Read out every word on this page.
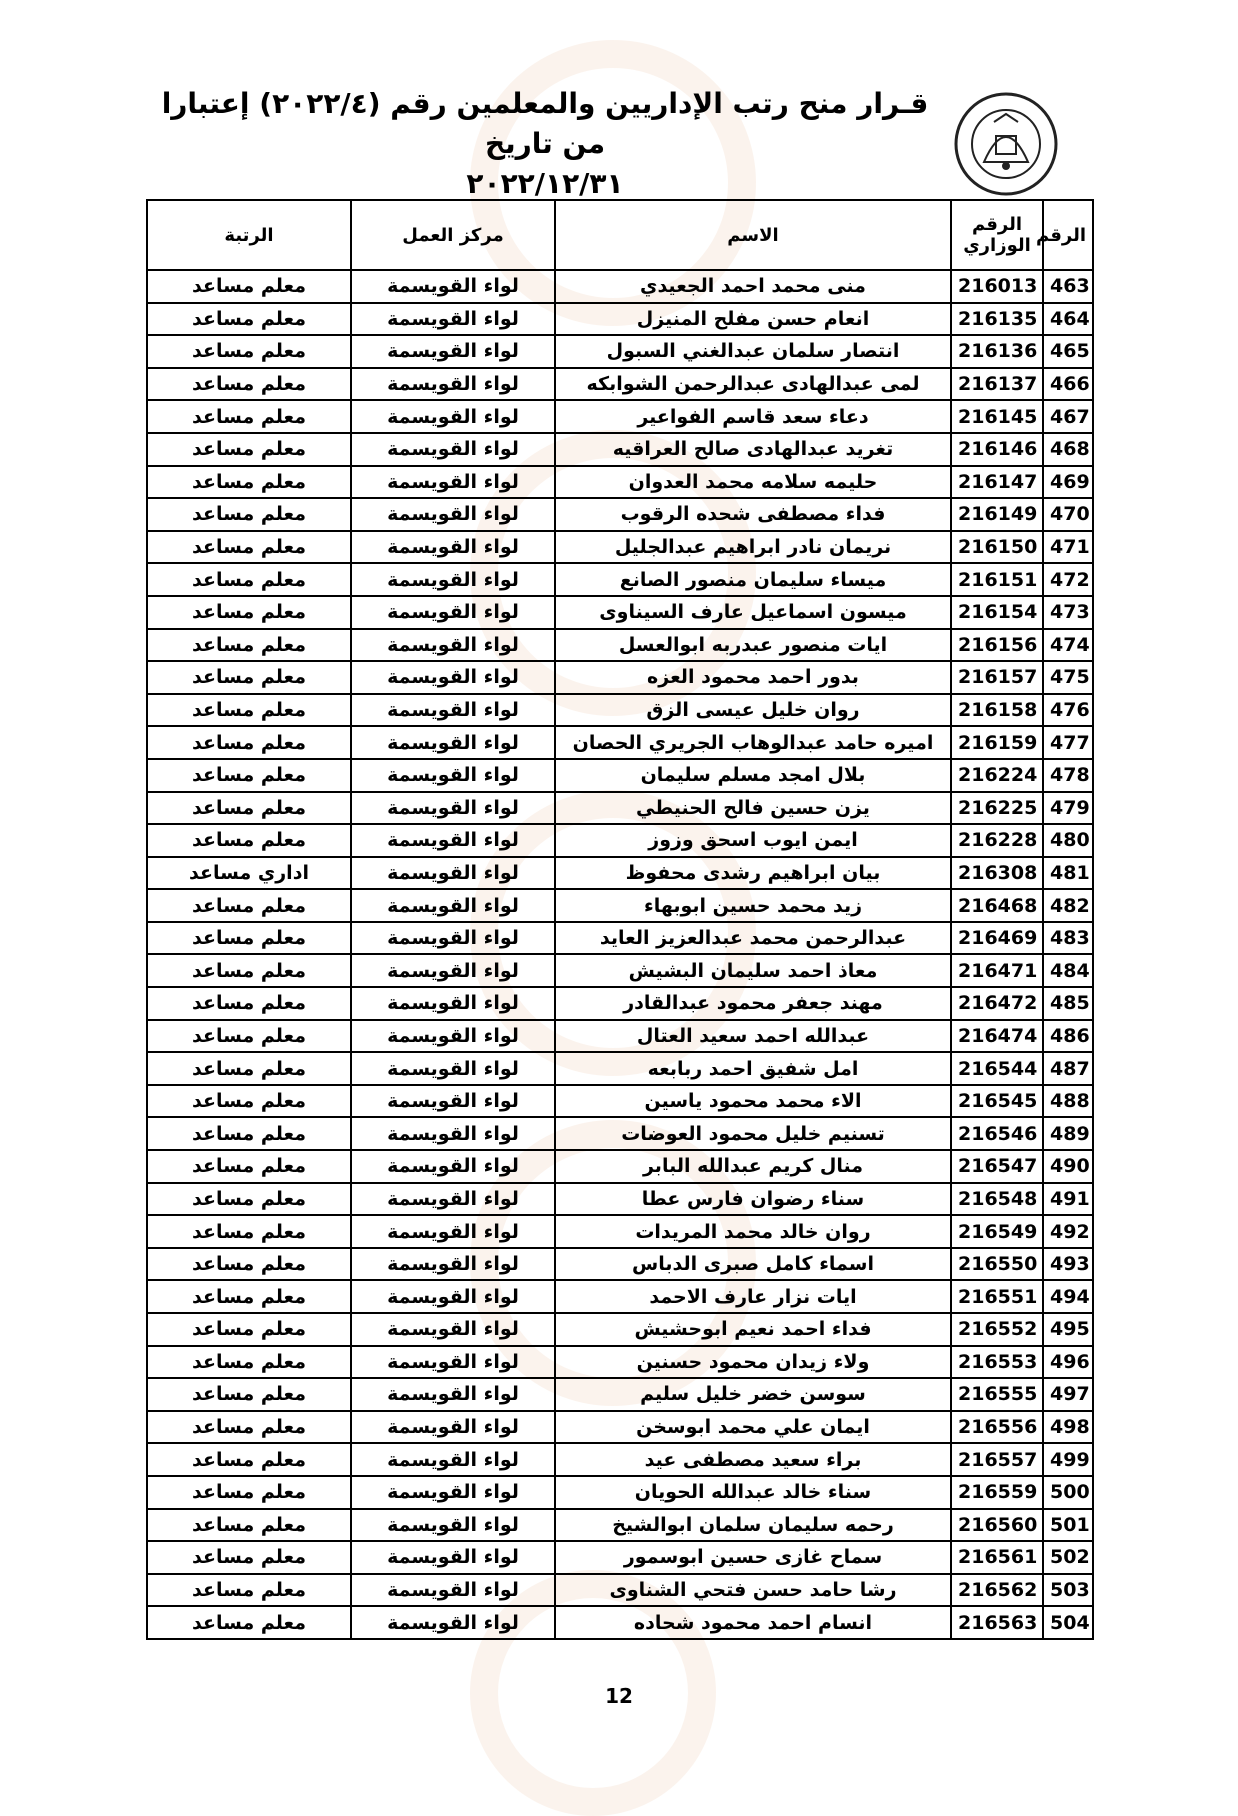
قـرار منح رتب الإداريين والمعلمين رقم (٢٠٢٢/٤) إعتبارا من تاريخ
٢٠٢٢/١٢/٣١
الرقم	الرقم الوزاري	الاسم	مركز العمل	الرتبة
463	216013	منى محمد احمد الجعيدي	لواء القويسمة	معلم مساعد
464	216135	انعام حسن مفلح المنيزل	لواء القويسمة	معلم مساعد
465	216136	انتصار سلمان عبدالغني السبول	لواء القويسمة	معلم مساعد
466	216137	لمى عبدالهادى عبدالرحمن الشوابكه	لواء القويسمة	معلم مساعد
467	216145	دعاء سعد قاسم الفواعير	لواء القويسمة	معلم مساعد
468	216146	تغريد عبدالهادى صالح العراقيه	لواء القويسمة	معلم مساعد
469	216147	حليمه سلامه محمد العدوان	لواء القويسمة	معلم مساعد
470	216149	فداء مصطفى شحده الرقوب	لواء القويسمة	معلم مساعد
471	216150	نريمان نادر ابراهيم عبدالجليل	لواء القويسمة	معلم مساعد
472	216151	ميساء سليمان منصور الصانع	لواء القويسمة	معلم مساعد
473	216154	ميسون اسماعيل عارف السيناوى	لواء القويسمة	معلم مساعد
474	216156	ايات منصور عبدربه ابوالعسل	لواء القويسمة	معلم مساعد
475	216157	بدور احمد محمود العزه	لواء القويسمة	معلم مساعد
476	216158	روان خليل عيسى الزق	لواء القويسمة	معلم مساعد
477	216159	اميره حامد عبدالوهاب الجريري الحصان	لواء القويسمة	معلم مساعد
478	216224	بلال امجد مسلم سليمان	لواء القويسمة	معلم مساعد
479	216225	يزن حسين فالح الحنيطي	لواء القويسمة	معلم مساعد
480	216228	ايمن ايوب اسحق وزوز	لواء القويسمة	معلم مساعد
481	216308	بيان ابراهيم رشدى محفوظ	لواء القويسمة	اداري مساعد
482	216468	زيد محمد حسين ابوبهاء	لواء القويسمة	معلم مساعد
483	216469	عبدالرحمن محمد عبدالعزيز العايد	لواء القويسمة	معلم مساعد
484	216471	معاذ احمد سليمان البشيش	لواء القويسمة	معلم مساعد
485	216472	مهند جعفر محمود عبدالقادر	لواء القويسمة	معلم مساعد
486	216474	عبدالله احمد سعيد العتال	لواء القويسمة	معلم مساعد
487	216544	امل شفيق احمد ربابعه	لواء القويسمة	معلم مساعد
488	216545	الاء محمد محمود ياسين	لواء القويسمة	معلم مساعد
489	216546	تسنيم خليل محمود العوضات	لواء القويسمة	معلم مساعد
490	216547	منال كريم عبدالله البابر	لواء القويسمة	معلم مساعد
491	216548	سناء رضوان فارس عطا	لواء القويسمة	معلم مساعد
492	216549	روان خالد محمد المريدات	لواء القويسمة	معلم مساعد
493	216550	اسماء كامل صبرى الدباس	لواء القويسمة	معلم مساعد
494	216551	ايات نزار عارف الاحمد	لواء القويسمة	معلم مساعد
495	216552	فداء احمد نعيم ابوحشيش	لواء القويسمة	معلم مساعد
496	216553	ولاء زيدان محمود حسنين	لواء القويسمة	معلم مساعد
497	216555	سوسن خضر خليل سليم	لواء القويسمة	معلم مساعد
498	216556	ايمان علي محمد ابوسخن	لواء القويسمة	معلم مساعد
499	216557	براء سعيد مصطفى عيد	لواء القويسمة	معلم مساعد
500	216559	سناء خالد عبدالله الحويان	لواء القويسمة	معلم مساعد
501	216560	رحمه سليمان سلمان ابوالشيخ	لواء القويسمة	معلم مساعد
502	216561	سماح غازى حسين ابوسمور	لواء القويسمة	معلم مساعد
503	216562	رشا حامد حسن فتحي الشناوى	لواء القويسمة	معلم مساعد
504	216563	انسام احمد محمود شحاده	لواء القويسمة	معلم مساعد
12
